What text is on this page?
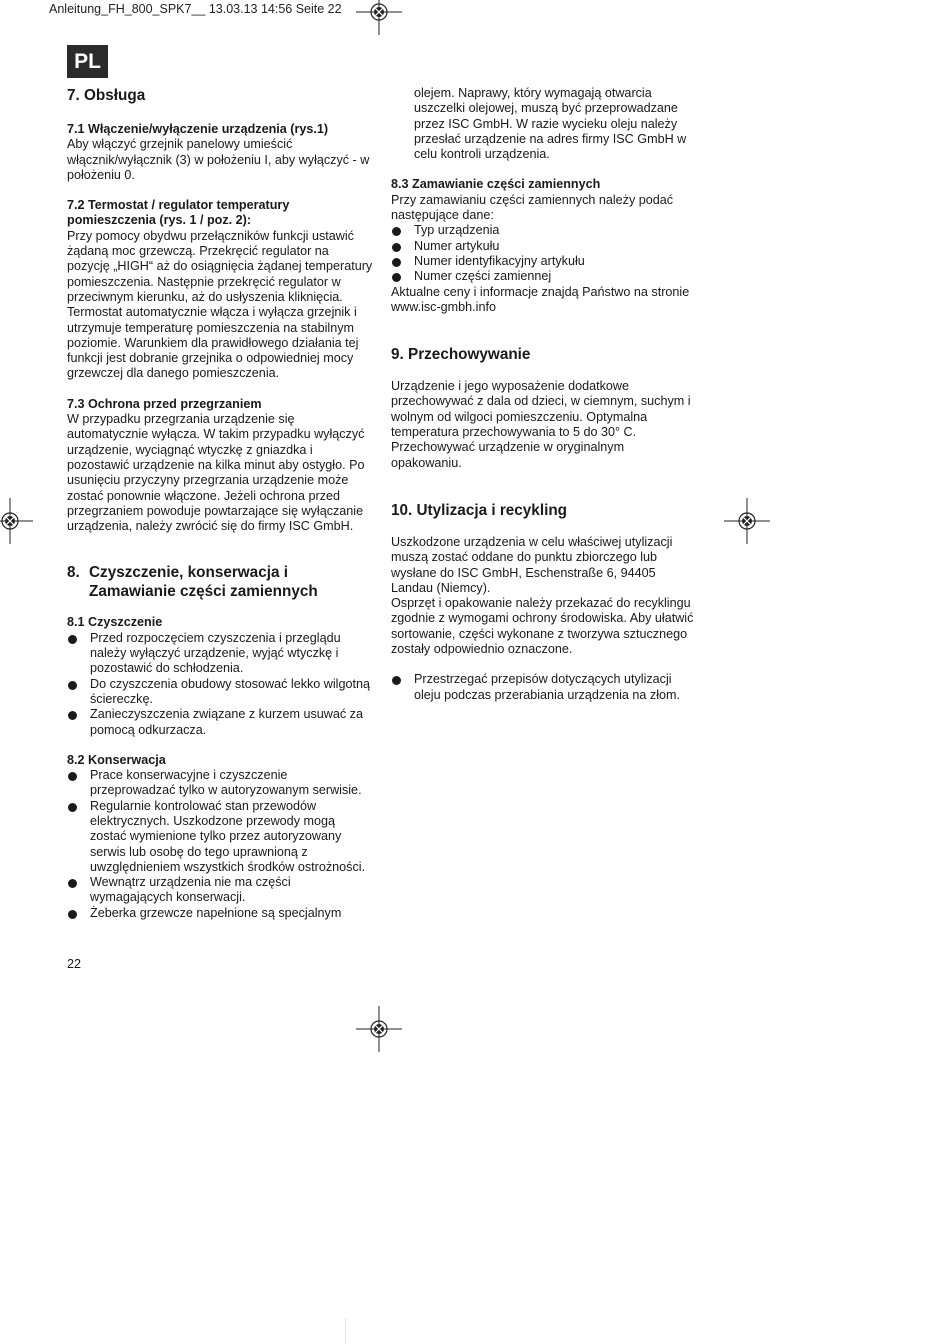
Anleitung_FH_800_SPK7__ 13.03.13 14:56 Seite 22
PL
7. Obsługa
7.1 Włączenie/wyłączenie urządzenia (rys.1)

Aby włączyć grzejnik panelowy umieścić włącznik/wyłącznik (3) w położeniu I, aby wyłączyć - w położeniu 0.

7.2 Termostat / regulator temperatury pomieszczenia (rys. 1 / poz. 2):

Przy pomocy obydwu przełączników funkcji ustawić żądaną moc grzewczą. Przekręcić regulator na pozycję „HIGH“ aż do osiągnięcia żądanej temperatury pomieszczenia. Następnie przekręcić regulator w przeciwnym kierunku, aż do usłyszenia kliknięcia. Termostat automatycznie włącza i wyłącza grzejnik i utrzymuje temperaturę pomieszczenia na stabilnym poziomie. Warunkiem dla prawidłowego działania tej funkcji jest dobranie grzejnika o odpowiedniej mocy grzewczej dla danego pomieszczenia.

7.3 Ochrona przed przegrzaniem

W przypadku przegrzania urządzenie się automatycznie wyłącza. W takim przypadku wyłączyć urządzenie, wyciągnąć wtyczkę z gniazdka i pozostawić urządzenie na kilka minut aby ostygło. Po usunięciu przyczyny przegrzania urządzenie może zostać ponownie włączone. Jeżeli ochrona przed przegrzaniem powoduje powtarzające się wyłączanie urządzenia, należy zwrócić się do firmy ISC GmbH.

8. Czyszczenie, konserwacja i Zamawianie części zamiennych
8.1 Czyszczenie
Przed rozpoczęciem czyszczenia i przeglądu należy wyłączyć urządzenie, wyjąć wtyczkę i pozostawić do schłodzenia.
Do czyszczenia obudowy stosować lekko wilgotną ściereczkę.
Zanieczyszczenia związane z kurzem usuwać za pomocą odkurzacza.
8.2 Konserwacja
Prace konserwacyjne i czyszczenie przeprowadzać tylko w autoryzowanym serwisie.
Regularnie kontrolować stan przewodów elektrycznych. Uszkodzone przewody mogą zostać wymienione tylko przez autoryzowany serwis lub osobę do tego uprawnioną z uwzględnieniem wszystkich środków ostrożności.
Wewnątrz urządzenia nie ma części wymagających konserwacji.
Żeberka grzewcze napełnione są specjalnym

olejem. Naprawy, który wymagają otwarcia uszczelki olejowej, muszą być przeprowadzane przez ISC GmbH. W razie wycieku oleju należy przesłać urządzenie na adres firmy ISC GmbH w celu kontroli urządzenia.

8.3 Zamawianie części zamiennych

Przy zamawianiu części zamiennych należy podać następujące dane:

Typ urządzenia
Numer artykułu
Numer identyfikacyjny artykułu
Numer części zamiennej

Aktualne ceny i informacje znajdą Państwo na stronie www.isc-gmbh.info

9. Przechowywanie

Urządzenie i jego wyposażenie dodatkowe przechowywać z dala od dzieci, w ciemnym, suchym i wolnym od wilgoci pomieszczeniu. Optymalna temperatura przechowywania to 5 do 30° C. Przechowywać urządzenie w oryginalnym opakowaniu.

10. Utylizacja i recykling

Uszkodzone urządzenia w celu właściwej utylizacji muszą zostać oddane do punktu zbiorczego lub wysłane do ISC GmbH, Eschenstraße 6, 94405 Landau (Niemcy).

Osprzęt i opakowanie należy przekazać do recyklingu zgodnie z wymogami ochrony środowiska. Aby ułatwić sortowanie, części wykonane z tworzywa sztucznego zostały odpowiednio oznaczone.

Przestrzegać przepisów dotyczących utylizacji oleju podczas przerabiania urządzenia na złom.
22
